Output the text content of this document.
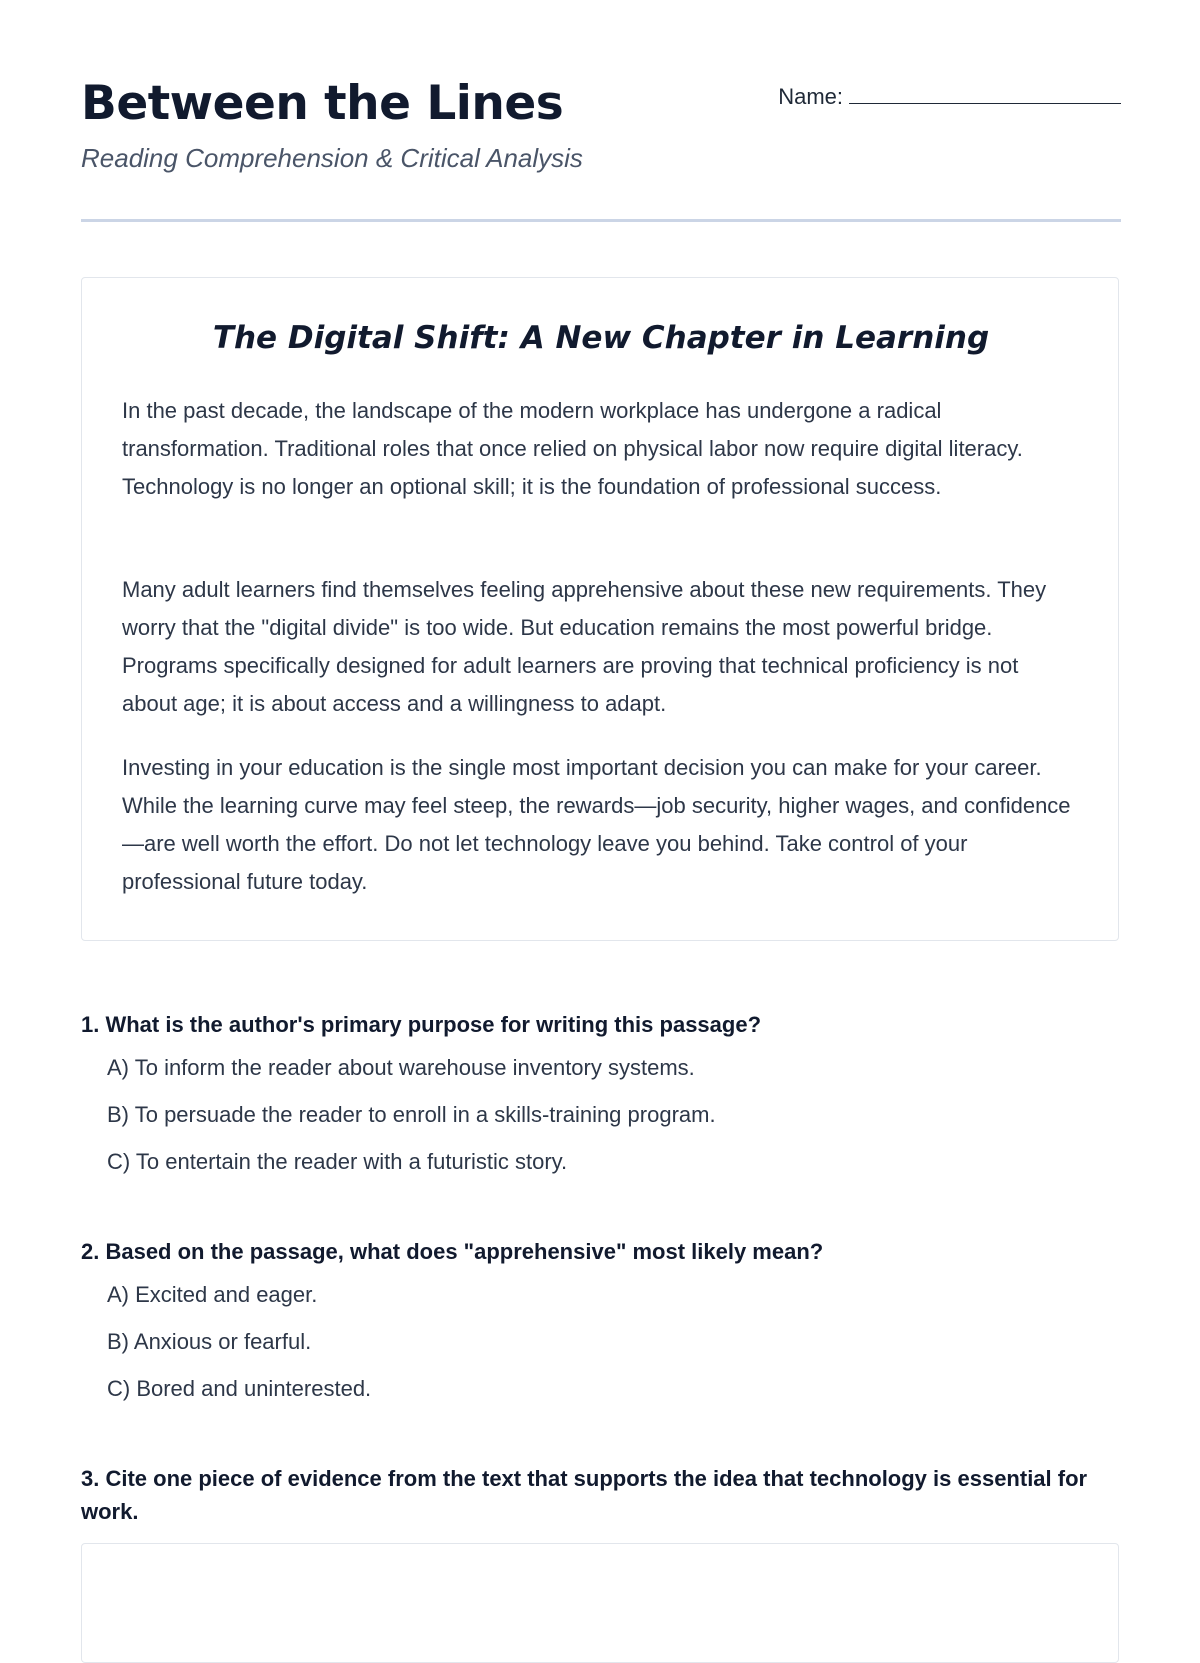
Between the Lines

Reading Comprehension & Critical Analysis

Name:
The Digital Shift: A New Chapter in Learning

In the past decade, the landscape of the modern workplace has undergone a radical transformation. Traditional roles that once relied on physical labor now require digital literacy. Technology is no longer an optional skill; it is the foundation of professional success.

Many adult learners find themselves feeling apprehensive about these new requirements. They worry that the "digital divide" is too wide. But education remains the most powerful bridge. Programs specifically designed for adult learners are proving that technical proficiency is not about age; it is about access and a willingness to adapt.

Investing in your education is the single most important decision you can make for your career. While the learning curve may feel steep, the rewards—job security, higher wages, and confidence—are well worth the effort. Do not let technology leave you behind. Take control of your professional future today.

1. What is the author's primary purpose for writing this passage?

A) To inform the reader about warehouse inventory systems.

B) To persuade the reader to enroll in a skills-training program.

C) To entertain the reader with a futuristic story.

2. Based on the passage, what does "apprehensive" most likely mean?

A) Excited and eager.

B) Anxious or fearful.

C) Bored and uninterested.

3. Cite one piece of evidence from the text that supports the idea that technology is essential for work.
